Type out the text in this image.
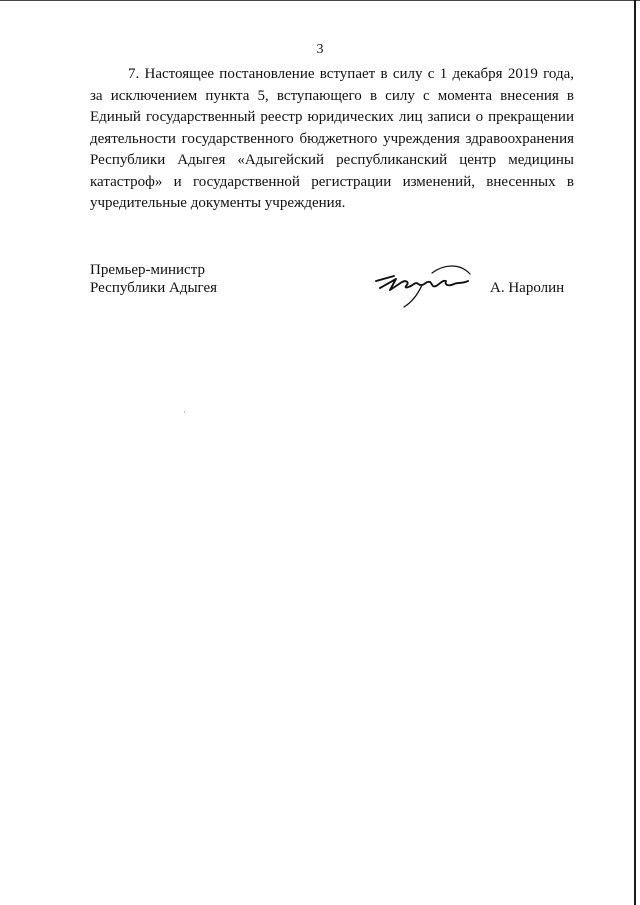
3

7. Настоящее постановление вступает в силу с 1 декабря 2019 года, за исключением пункта 5, вступающего в силу с момента внесения в Единый государственный реестр юридических лиц записи о прекращении деятельности государственного бюджетного учреждения здравоохранения Республики Адыгея «Адыгейский республиканский центр медицины катастроф» и государственной регистрации изменений, внесенных в учредительные документы учреждения.

Премьер-министр
Республики Адыгея	А. Наролин
